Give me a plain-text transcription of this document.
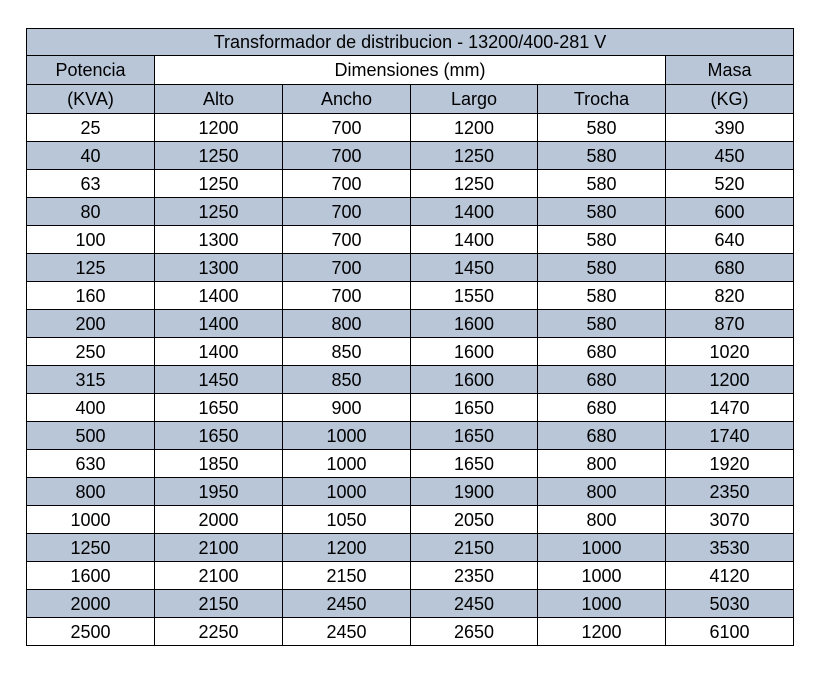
Transformador de distribucion - 13200/400-281 V					
Potencia	Dimensiones (mm)				Masa
(KVA)	Alto	Ancho	Largo	Trocha	(KG)
25	1200	700	1200	580	390
40	1250	700	1250	580	450
63	1250	700	1250	580	520
80	1250	700	1400	580	600
100	1300	700	1400	580	640
125	1300	700	1450	580	680
160	1400	700	1550	580	820
200	1400	800	1600	580	870
250	1400	850	1600	680	1020
315	1450	850	1600	680	1200
400	1650	900	1650	680	1470
500	1650	1000	1650	680	1740
630	1850	1000	1650	800	1920
800	1950	1000	1900	800	2350
1000	2000	1050	2050	800	3070
1250	2100	1200	2150	1000	3530
1600	2100	2150	2350	1000	4120
2000	2150	2450	2450	1000	5030
2500	2250	2450	2650	1200	6100
